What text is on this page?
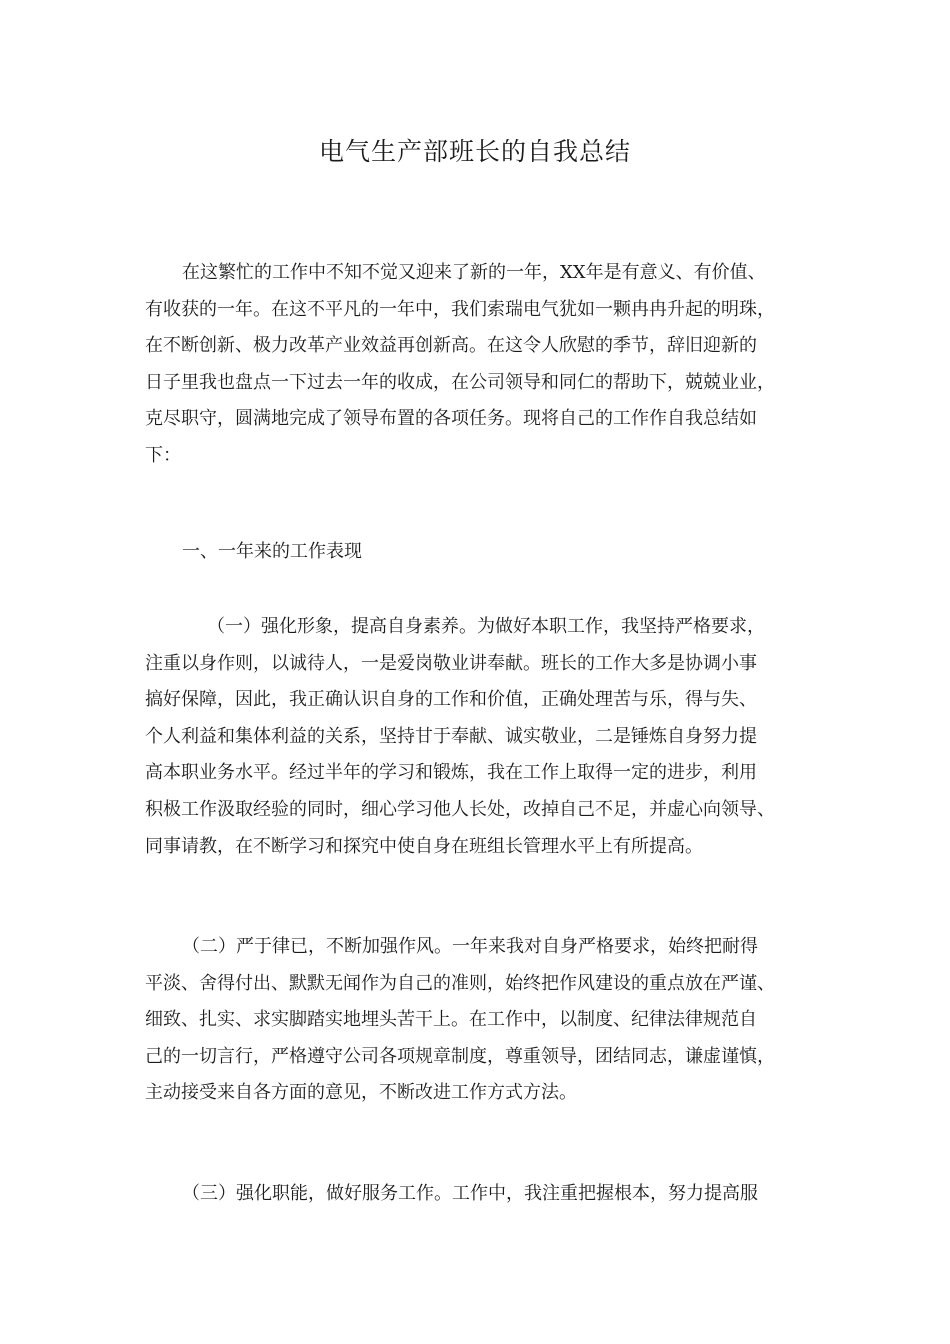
电气生产部班长的自我总结

在这繁忙的工作中不知不觉又迎来了新的一年，XX年是有意义、有价值、
有收获的一年。在这不平凡的一年中，我们索瑞电气犹如一颗冉冉升起的明珠，
在不断创新、极力改革产业效益再创新高。在这令人欣慰的季节，辞旧迎新的
日子里我也盘点一下过去一年的收成，在公司领导和同仁的帮助下，兢兢业业，
克尽职守，圆满地完成了领导布置的各项任务。现将自己的工作作自我总结如
下：

一、一年来的工作表现

（一）强化形象，提高自身素养。为做好本职工作，我坚持严格要求，
注重以身作则，以诚待人，一是爱岗敬业讲奉献。班长的工作大多是协调小事
搞好保障，因此，我正确认识自身的工作和价值，正确处理苦与乐，得与失、
个人利益和集体利益的关系，坚持甘于奉献、诚实敬业，二是锤炼自身努力提
高本职业务水平。经过半年的学习和锻炼，我在工作上取得一定的进步，利用
积极工作汲取经验的同时，细心学习他人长处，改掉自己不足，并虚心向领导、
同事请教，在不断学习和探究中使自身在班组长管理水平上有所提高。

（二）严于律已，不断加强作风。一年来我对自身严格要求，始终把耐得
平淡、舍得付出、默默无闻作为自己的准则，始终把作风建设的重点放在严谨、
细致、扎实、求实脚踏实地埋头苦干上。在工作中，以制度、纪律法律规范自
己的一切言行，严格遵守公司各项规章制度，尊重领导，团结同志，谦虚谨慎，
主动接受来自各方面的意见，不断改进工作方式方法。

（三）强化职能，做好服务工作。工作中，我注重把握根本，努力提高服
